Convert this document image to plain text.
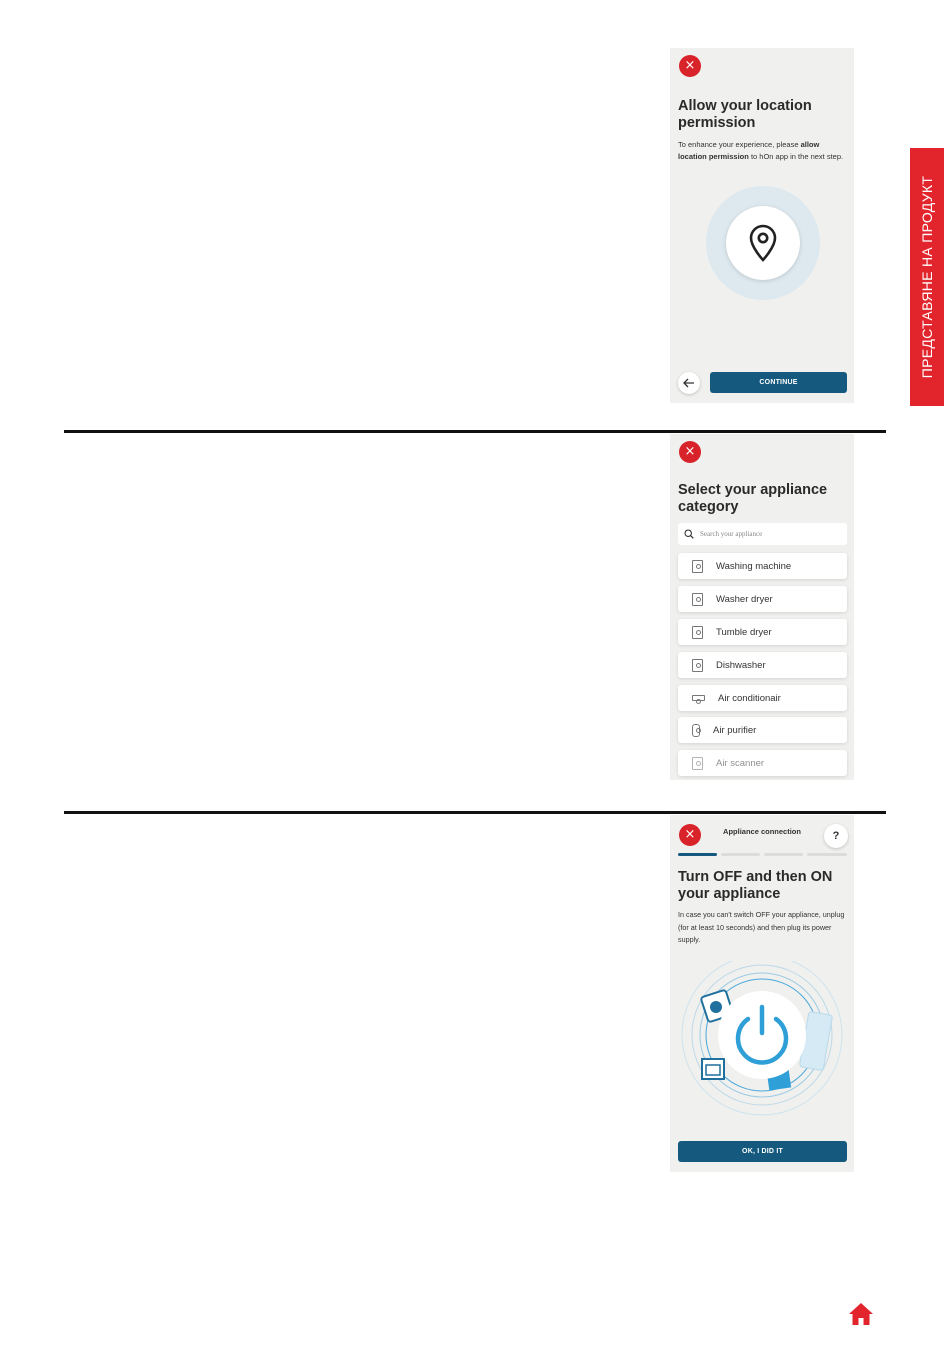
ПРЕДСТАВЯНЕ НА ПРОДУКТ
×
Allow your location permission
To enhance your experience, please allow location permission to hOn app in the next step.
CONTINUE
×
Select your appliance category
Search your appliance
Washing machine
Washer dryer
Tumble dryer
Dishwasher
Air conditionair
Air purifier
Air scanner
×	Appliance connection	?
Turn OFF and then ON your appliance
In case you can't switch OFF your appliance, unplug (for at least 10 seconds) and then plug its power supply.
OK, I DID IT
